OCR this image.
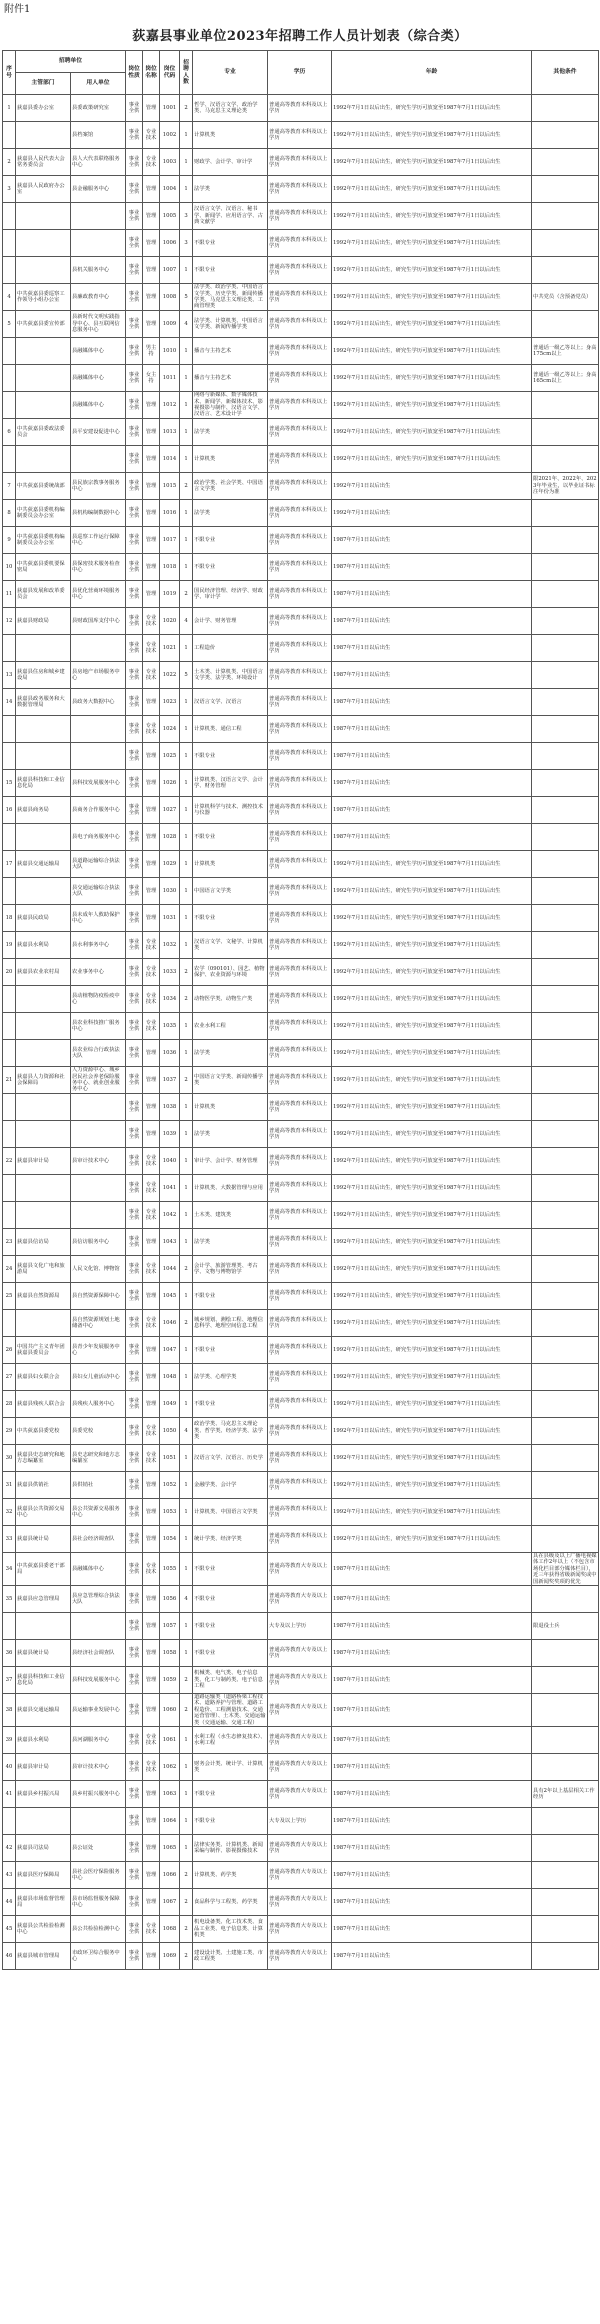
附件1
荻嘉县事业单位2023年招聘工作人员计划表（综合类）
序号	招聘单位		岗位性质	岗位名称	岗位代码	招聘人数	专业	学历	年龄	其他条件
	主管部门	用人单位								
1	荻嘉县委办公室	县委政策研究室	事业全供	管理	1001	2	哲学、汉语言文学、政治学类、马克思主义理论类	普通高等教育本科及以上学历	1992年7月1日以后出生，研究生学历可放宽至1987年7月1日以后出生	
		县档案馆	事业全供	专业技术	1002	1	计算机类	普通高等教育本科及以上学历	1992年7月1日以后出生，研究生学历可放宽至1987年7月1日以后出生	
2	荻嘉县人民代表大会常务委员会	县人大代表联络服务中心	事业全供	专业技术	1003	1	财政学、会计学、审计学	普通高等教育本科及以上学历	1992年7月1日以后出生，研究生学历可放宽至1987年7月1日以后出生	
3	荻嘉县人民政府办公室	县金融服务中心	事业全供	管理	1004	1	法学类	普通高等教育本科及以上学历	1992年7月1日以后出生，研究生学历可放宽至1987年7月1日以后出生	
			事业全供	管理	1005	3	汉语言文学、汉语言、秘书学、新闻学、应用语言学、古典文献学	普通高等教育本科及以上学历	1992年7月1日以后出生，研究生学历可放宽至1987年7月1日以后出生	
			事业全供	管理	1006	3	不限专业	普通高等教育本科及以上学历	1992年7月1日以后出生，研究生学历可放宽至1987年7月1日以后出生	
		县机关服务中心	事业全供	管理	1007	1	不限专业	普通高等教育本科及以上学历	1992年7月1日以后出生，研究生学历可放宽至1987年7月1日以后出生	
4	中共荻嘉县委巡察工作领导小组办公室	县廉政教育中心	事业全供	管理	1008	5	法学类、政治学类、中国语言文学类、历史学类、新闻传播学类、马克思主义理论类、工商管理类	普通高等教育本科及以上学历	1992年7月1日以后出生，研究生学历可放宽至1987年7月1日以后出生	中共党员（含预备党员）
5	中共荻嘉县委宣传部	县新时代文明实践指导中心、县互联网信息服务中心	事业全供	管理	1009	4	法学类、计算机类、中国语言文学类、新闻传播学类	普通高等教育本科及以上学历	1992年7月1日以后出生，研究生学历可放宽至1987年7月1日以后出生	
		县融媒体中心	事业全供	男主持	1010	1	播音与主持艺术	普通高等教育本科及以上学历	1992年7月1日以后出生，研究生学历可放宽至1987年7月1日以后出生	普通话一级乙等以上；身高175cm以上
		县融媒体中心	事业全供	女主持	1011	1	播音与主持艺术	普通高等教育本科及以上学历	1992年7月1日以后出生，研究生学历可放宽至1987年7月1日以后出生	普通话一级乙等以上；身高165cm以上
		县融媒体中心	事业全供	管理	1012	1	网络与新媒体、数字媒体技术、新闻学、新媒体技术、影视摄影与制作、汉语言文学、汉语言、艺术设计学	普通高等教育本科及以上学历	1992年7月1日以后出生，研究生学历可放宽至1987年7月1日以后出生	
6	中共荻嘉县委政法委员会	县平安建设促进中心	事业全供	管理	1013	1	法学类	普通高等教育本科及以上学历	1992年7月1日以后出生，研究生学历可放宽至1987年7月1日以后出生	
			事业全供	管理	1014	1	计算机类	普通高等教育本科及以上学历	1992年7月1日以后出生，研究生学历可放宽至1987年7月1日以后出生	
7	中共荻嘉县委统战部	县民族宗教事务服务中心	事业全供	管理	1015	2	政治学类、社会学类、中国语言文学类	普通高等教育本科及以上学历	1992年7月1日以后出生	限2021年、2022年、2023年毕业生，以毕业证书标注年份为准
8	中共荻嘉县委机构编制委员会办公室	县机构编制数据中心	事业全供	管理	1016	1	法学类	普通高等教育本科及以上学历	1992年7月1日以后出生	
9	中共荻嘉县委机构编制委员会办公室	县巡察工作运行保障中心	事业全供	管理	1017	1	不限专业	普通高等教育本科及以上学历	1987年7月1日以后出生	
10	中共荻嘉县委机要保密局	县保密技术服务检查中心	事业全供	管理	1018	1	不限专业	普通高等教育本科及以上学历	1987年7月1日以后出生	
11	荻嘉县发展和改革委员会	县优化营商环境服务中心	事业全供	管理	1019	2	国民经济管理、经济学、财政学、审计学	普通高等教育本科及以上学历	1987年7月1日以后出生	
12	荻嘉县财政局	县财政国库支付中心	事业全供	专业技术	1020	4	会计学、财务管理	普通高等教育本科及以上学历	1987年7月1日以后出生	
			事业全供	专业技术	1021	1	工程造价	普通高等教育本科及以上学历	1987年7月1日以后出生	
13	荻嘉县住房和城乡建设局	县房地产市场服务中心	事业全供	专业技术	1022	5	土木类、计算机类、中国语言文学类、法学类、环境设计	普通高等教育本科及以上学历	1987年7月1日以后出生	
14	荻嘉县政务服务和大数据管理局	县政务大数据中心	事业全供	管理	1023	1	汉语言文学、汉语言	普通高等教育本科及以上学历	1987年7月1日以后出生	
			事业全供	专业技术	1024	1	计算机类、通信工程	普通高等教育本科及以上学历	1987年7月1日以后出生	
			事业全供	管理	1025	1	不限专业	普通高等教育本科及以上学历	1987年7月1日以后出生	
15	荻嘉县科技和工业信息化局	县科技发展服务中心	事业全供	管理	1026	1	计算机类、汉语言文学、会计学、财务管理	普通高等教育本科及以上学历	1987年7月1日以后出生	
16	荻嘉县商务局	县商务合作服务中心	事业全供	管理	1027	1	计算机科学与技术、测控技术与仪器	普通高等教育本科及以上学历	1987年7月1日以后出生	
		县电子商务服务中心	事业全供	管理	1028	1	不限专业	普通高等教育本科及以上学历	1987年7月1日以后出生	
17	荻嘉县交通运输局	县道路运输综合执法大队	事业全供	管理	1029	1	计算机类	普通高等教育本科及以上学历	1992年7月1日以后出生，研究生学历可放宽至1987年7月1日以后出生	
		县交通运输综合执法大队	事业全供	管理	1030	1	中国语言文学类	普通高等教育本科及以上学历	1992年7月1日以后出生，研究生学历可放宽至1987年7月1日以后出生	
18	荻嘉县民政局	县未成年人救助保护中心	事业全供	管理	1031	1	不限专业	普通高等教育本科及以上学历	1992年7月1日以后出生，研究生学历可放宽至1987年7月1日以后出生	
19	荻嘉县水利局	县水利事务中心	事业全供	专业技术	1032	1	汉语言文学、文秘学、计算机类	普通高等教育本科及以上学历	1992年7月1日以后出生，研究生学历可放宽至1987年7月1日以后出生	
20	荻嘉县农业农村局	农业事务中心	事业全供	专业技术	1033	2	农学（090101）、园艺、植物保护、农业资源与环境	普通高等教育本科及以上学历	1992年7月1日以后出生，研究生学历可放宽至1987年7月1日以后出生	
		县动植物防疫检疫中心	事业全供	专业技术	1034	2	动物医学类、动物生产类	普通高等教育本科及以上学历	1992年7月1日以后出生，研究生学历可放宽至1987年7月1日以后出生	
		县农业科技推广服务中心	事业全供	专业技术	1035	1	农业水利工程	普通高等教育本科及以上学历	1992年7月1日以后出生，研究生学历可放宽至1987年7月1日以后出生	
		县农业综合行政执法大队	事业全供	管理	1036	1	法学类	普通高等教育本科及以上学历	1992年7月1日以后出生，研究生学历可放宽至1987年7月1日以后出生	
21	荻嘉县人力资源和社会保障局	人力资源中心、城乡居民社会养老保险服务中心、就业创业服务中心	事业全供	管理	1037	2	中国语言文学类、新闻传播学类	普通高等教育本科及以上学历	1992年7月1日以后出生，研究生学历可放宽至1987年7月1日以后出生	
			事业全供	管理	1038	1	计算机类	普通高等教育本科及以上学历	1992年7月1日以后出生，研究生学历可放宽至1987年7月1日以后出生	
			事业全供	管理	1039	1	法学类	普通高等教育本科及以上学历	1992年7月1日以后出生，研究生学历可放宽至1987年7月1日以后出生	
22	荻嘉县审计局	县审计技术中心	事业全供	专业技术	1040	1	审计学、会计学、财务管理	普通高等教育本科及以上学历	1992年7月1日以后出生，研究生学历可放宽至1987年7月1日以后出生	
			事业全供	专业技术	1041	1	计算机类、大数据管理与应用	普通高等教育本科及以上学历	1992年7月1日以后出生，研究生学历可放宽至1987年7月1日以后出生	
			事业全供	专业技术	1042	1	土木类、建筑类	普通高等教育本科及以上学历	1992年7月1日以后出生，研究生学历可放宽至1987年7月1日以后出生	
23	荻嘉县信访局	县信访服务中心	事业全供	管理	1043	1	法学类	普通高等教育本科及以上学历	1992年7月1日以后出生，研究生学历可放宽至1987年7月1日以后出生	
24	荻嘉县文化广电和旅游局	人民文化馆、博物馆	事业全供	专业技术	1044	2	会计学、旅游管理类、考古学、文物与博物馆学	普通高等教育本科及以上学历	1992年7月1日以后出生，研究生学历可放宽至1987年7月1日以后出生	
25	荻嘉县自然资源局	县自然资源保障中心	事业全供	管理	1045	1	不限专业	普通高等教育本科及以上学历	1992年7月1日以后出生，研究生学历可放宽至1987年7月1日以后出生	
		县自然资源规划土地储备中心	事业全供	专业技术	1046	2	城乡规划、测绘工程、地理信息科学、地理空间信息工程	普通高等教育本科及以上学历	1992年7月1日以后出生，研究生学历可放宽至1987年7月1日以后出生	
26	中国共产主义青年团荻嘉县委员会	县青少年发展服务中心	事业全供	管理	1047	1	不限专业	普通高等教育本科及以上学历	1992年7月1日以后出生，研究生学历可放宽至1987年7月1日以后出生	
27	荻嘉县妇女联合会	县妇女儿童活动中心	事业全供	管理	1048	1	法学类、心理学类	普通高等教育本科及以上学历	1992年7月1日以后出生，研究生学历可放宽至1987年7月1日以后出生	
28	荻嘉县残疾人联合会	县残疾人服务中心	事业全供	管理	1049	1	不限专业	普通高等教育本科及以上学历	1992年7月1日以后出生，研究生学历可放宽至1987年7月1日以后出生	
29	中共荻嘉县委党校	县委党校	事业全供	专业技术	1050	4	政治学类、马克思主义理论类、哲学类、经济学类、法学类	普通高等教育本科及以上学历	1992年7月1日以后出生，研究生学历可放宽至1987年7月1日以后出生	
30	荻嘉县史志研究和地方志编纂室	县史志研究和地方志编纂室	事业全供	专业技术	1051	1	汉语言文学、汉语言、历史学	普通高等教育本科及以上学历	1992年7月1日以后出生，研究生学历可放宽至1987年7月1日以后出生	
31	荻嘉县供销社	县供销社	事业全供	管理	1052	1	金融学类、会计学	普通高等教育本科及以上学历	1992年7月1日以后出生，研究生学历可放宽至1987年7月1日以后出生	
32	荻嘉县公共资源交易中心	县公共资源交易服务中心	事业全供	管理	1053	1	计算机类、中国语言文学类	普通高等教育本科及以上学历	1992年7月1日以后出生，研究生学历可放宽至1987年7月1日以后出生	
33	荻嘉县统计局	县社会经济调查队	事业全供	管理	1054	1	统计学类、经济学类	普通高等教育本科及以上学历	1992年7月1日以后出生，研究生学历可放宽至1987年7月1日以后出生	
34	中共荻嘉县委老干部局	县融媒体中心	事业全供	专业技术	1055	1	不限专业	普通高等教育大专及以上学历	1987年7月1日以后出生	具在县级及以上广播电视媒体工作2年以上（不包含市场化栏目部分媒体栏目），近三年获得省级新闻奖或中国新闻奖奖项的优先
35	荻嘉县应急管理局	县应急管理综合执法大队	事业全供	管理	1056	4	不限专业	普通高等教育大专及以上学历	1987年7月1日以后出生	
			事业全供	管理	1057	1	不限专业	大专及以上学历	1987年7月1日以后出生	限退役士兵
36	荻嘉县统计局	县经济社会调查队	事业全供	管理	1058	1	不限专业	普通高等教育大专及以上学历	1987年7月1日以后出生	
37	荻嘉县科技和工业信息化局	县科技发展服务中心	事业全供	管理	1059	2	机械类、电气类、电子信息类、化工与制药类、电子信息工程	普通高等教育大专及以上学历	1987年7月1日以后出生	
38	荻嘉县交通运输局	县运输事业发展中心	事业全供	管理	1060	2	道路运输类（道路桥梁工程技术、道路养护与管理、道路工程造价、工程测量技术、交通运营管理）、土木类、交通运输类（交通运输、交通工程）	普通高等教育大专及以上学历	1987年7月1日以后出生	
39	荻嘉县水利局	县河湖服务中心	事业全供	专业技术	1061	1	水利工程（水生态修复技术）、水利工程	普通高等教育大专及以上学历	1987年7月1日以后出生	
40	荻嘉县审计局	县审计技术中心	事业全供	专业技术	1062	1	财务会计类、统计学、计算机类	普通高等教育大专及以上学历	1987年7月1日以后出生	
41	荻嘉县乡村振兴局	县乡村振兴服务中心	事业全供	管理	1063	1	不限专业	普通高等教育大专及以上学历	1987年7月1日以后出生	具有2年以上基层相关工作经历
			事业全供	管理	1064	1	不限专业	大专及以上学历	1987年7月1日以后出生	
42	荻嘉县司法局	县公证处	事业全供	管理	1065	1	法律实务类、计算机类、新闻采编与制作、影视摄像技术	普通高等教育大专及以上学历	1987年7月1日以后出生	
43	荻嘉县医疗保障局	县社会医疗保险服务中心	事业全供	管理	1066	2	计算机类、药学类	普通高等教育大专及以上学历	1987年7月1日以后出生	
44	荻嘉县市场监督管理局	县市场监督服务保障中心	事业全供	管理	1067	2	食品科学与工程类、药学类	普通高等教育大专及以上学历	1987年7月1日以后出生	
45	荻嘉县公共检验检测中心	县公共检验检测中心	事业全供	专业技术	1068	2	机电设备类、化工技术类、食品工业类、电子信息类、计算机类	普通高等教育大专及以上学历	1987年7月1日以后出生	
46	荻嘉县城市管理局	市政环卫综合服务中心	事业全供	管理	1069	2	建设设计类、土建施工类、市政工程类	普通高等教育大专及以上学历	1987年7月1日以后出生	
